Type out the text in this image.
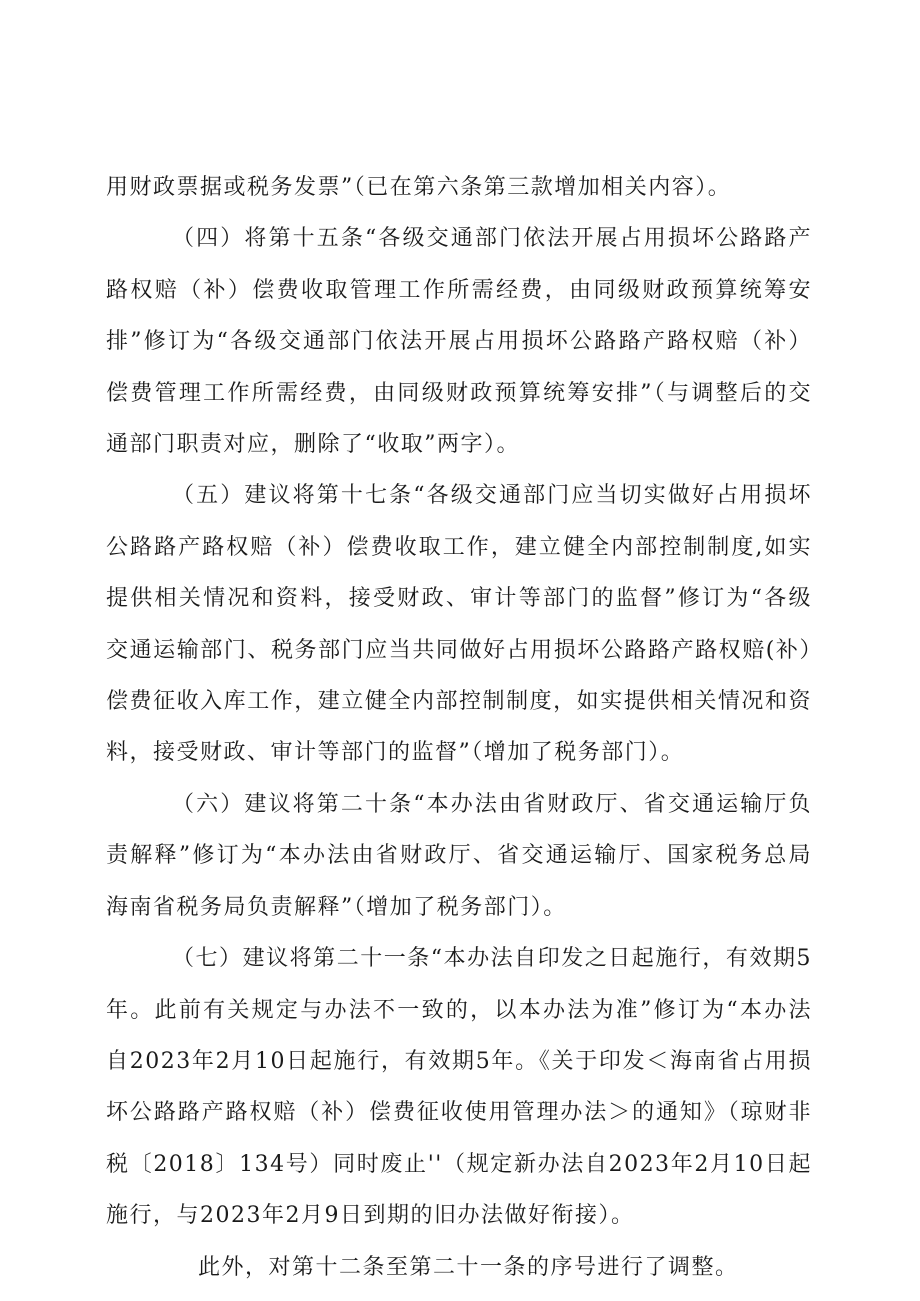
用财政票据或税务发票”（已在第六条第三款增加相关内容）。

（四）将第十五条“各级交通部门依法开展占用损坏公路路产路权赔（补）偿费收取管理工作所需经费，由同级财政预算统筹安排”修订为“各级交通部门依法开展占用损坏公路路产路权赔（补）偿费管理工作所需经费，由同级财政预算统筹安排”（与调整后的交通部门职责对应，删除了“收取”两字）。

（五）建议将第十七条“各级交通部门应当切实做好占用损坏公路路产路权赔（补）偿费收取工作，建立健全内部控制制度,如实提供相关情况和资料，接受财政、审计等部门的监督”修订为“各级交通运输部门、税务部门应当共同做好占用损坏公路路产路权赔(补）偿费征收入库工作，建立健全内部控制制度，如实提供相关情况和资料，接受财政、审计等部门的监督”（增加了税务部门）。

（六）建议将第二十条“本办法由省财政厅、省交通运输厅负责解释”修订为“本办法由省财政厅、省交通运输厅、国家税务总局海南省税务局负责解释”（增加了税务部门）。

（七）建议将第二十一条“本办法自印发之日起施行，有效期5年。此前有关规定与办法不一致的，以本办法为准”修订为“本办法自2023年2月10日起施行，有效期5年。《关于印发＜海南省占用损坏公路路产路权赔（补）偿费征收使用管理办法＞的通知》（琼财非税〔2018〕134号）同时废止''（规定新办法自2023年2月10日起施行，与2023年2月9日到期的旧办法做好衔接）。

此外，对第十二条至第二十一条的序号进行了调整。
